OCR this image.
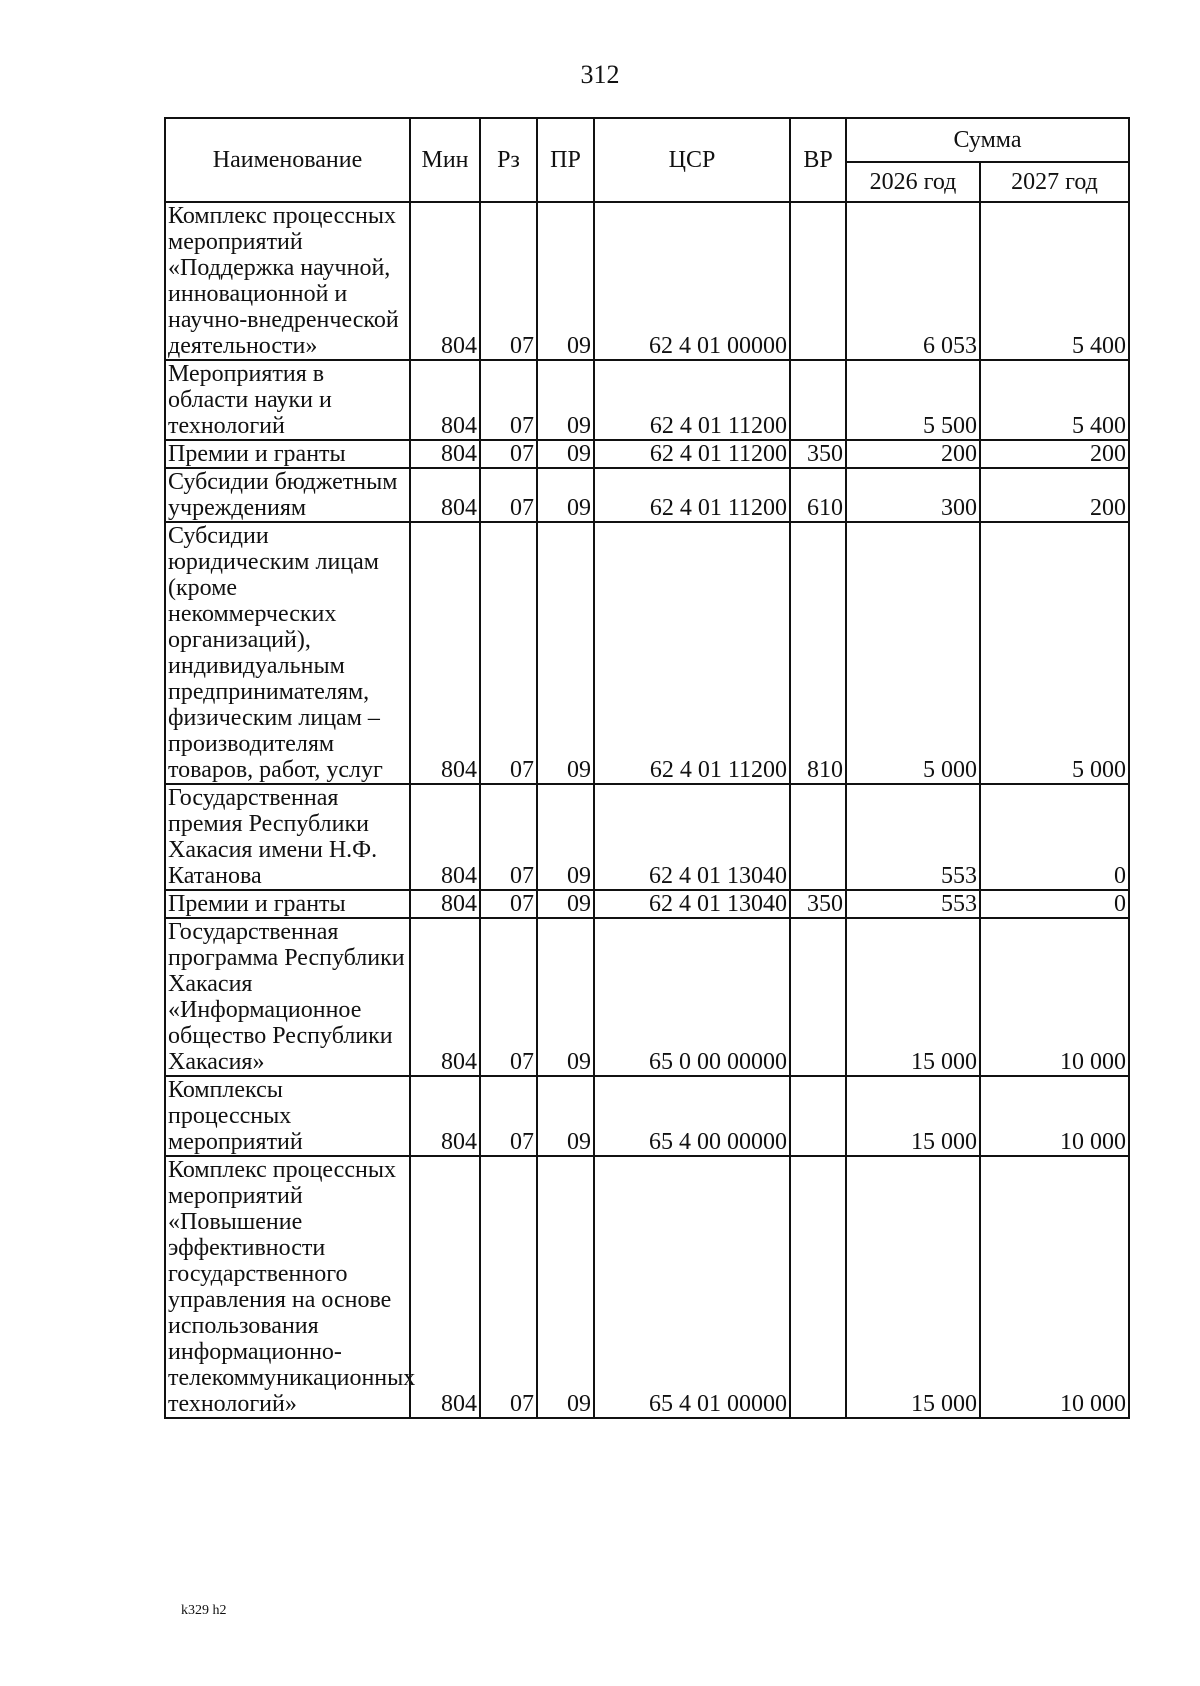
312
Наименование	Мин	Рз	ПР	ЦСР	ВР	Сумма	
						2026 год	2027 год
Комплекс процессных мероприятий «Поддержка научной, инновационной и научно-внедренческой деятельности»	804	07	09	62 4 01 00000		6 053	5 400
Мероприятия в области науки и технологий	804	07	09	62 4 01 11200		5 500	5 400
Премии и гранты	804	07	09	62 4 01 11200	350	200	200
Субсидии бюджетным учреждениям	804	07	09	62 4 01 11200	610	300	200
Субсидии юридическим лицам (кроме некоммерческих организаций), индивидуальным предпринимателям, физическим лицам – производителям товаров, работ, услуг	804	07	09	62 4 01 11200	810	5 000	5 000
Государственная премия Республики Хакасия имени Н.Ф. Катанова	804	07	09	62 4 01 13040		553	0
Премии и гранты	804	07	09	62 4 01 13040	350	553	0
Государственная программа Республики Хакасия «Информационное общество Республики Хакасия»	804	07	09	65 0 00 00000		15 000	10 000
Комплексы процессных мероприятий	804	07	09	65 4 00 00000		15 000	10 000
Комплекс процессных мероприятий «Повышение эффективности государственного управления на основе использования информационно-телекоммуникационных технологий»	804	07	09	65 4 01 00000		15 000	10 000
k329 h2
